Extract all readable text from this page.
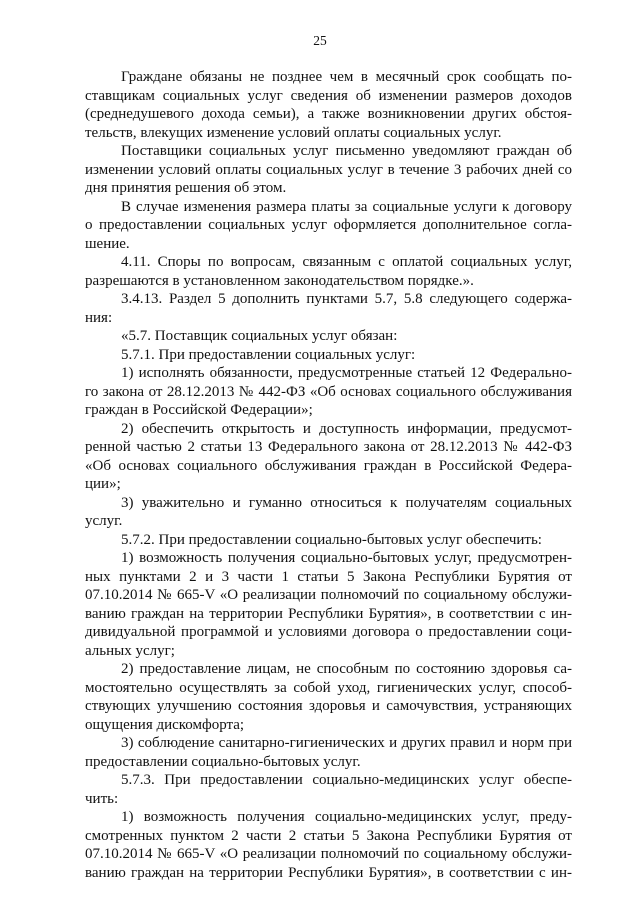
25
Граждане обязаны не позднее чем в месячный срок сообщать по-
ставщикам социальных услуг сведения об изменении размеров доходов
(среднедушевого дохода семьи), а также возникновении других обстоя-
тельств, влекущих изменение условий оплаты социальных услуг.
Поставщики социальных услуг письменно уведомляют граждан об
изменении условий оплаты социальных услуг в течение 3 рабочих дней со
дня принятия решения об этом.
В случае изменения размера платы за социальные услуги к договору
о предоставлении социальных услуг оформляется дополнительное согла-
шение.
4.11. Споры по вопросам, связанным с оплатой социальных услуг,
разрешаются в установленном законодательством порядке.».
3.4.13. Раздел 5 дополнить пунктами 5.7, 5.8 следующего содержа-
ния:
«5.7. Поставщик социальных услуг обязан:
5.7.1. При предоставлении социальных услуг:
1) исполнять обязанности, предусмотренные статьей 12 Федерально-
го закона от 28.12.2013 № 442-ФЗ «Об основах социального обслуживания
граждан в Российской Федерации»;
2) обеспечить открытость и доступность информации, предусмот-
ренной частью 2 статьи 13 Федерального закона от 28.12.2013 № 442-ФЗ
«Об основах социального обслуживания граждан в Российской Федера-
ции»;
3) уважительно и гуманно относиться к получателям социальных
услуг.
5.7.2. При предоставлении социально-бытовых услуг обеспечить:
1) возможность получения социально-бытовых услуг, предусмотрен-
ных пунктами 2 и 3 части 1 статьи 5 Закона Республики Бурятия от
07.10.2014 № 665-V «О реализации полномочий по социальному обслужи-
ванию граждан на территории Республики Бурятия», в соответствии с ин-
дивидуальной программой и условиями договора о предоставлении соци-
альных услуг;
2) предоставление лицам, не способным по состоянию здоровья са-
мостоятельно осуществлять за собой уход, гигиенических услуг, способ-
ствующих улучшению состояния здоровья и самочувствия, устраняющих
ощущения дискомфорта;
3) соблюдение санитарно-гигиенических и других правил и норм при
предоставлении социально-бытовых услуг.
5.7.3. При предоставлении социально-медицинских услуг обеспе-
чить:
1) возможность получения социально-медицинских услуг, преду-
смотренных пунктом 2 части 2 статьи 5 Закона Республики Бурятия от
07.10.2014 № 665-V «О реализации полномочий по социальному обслужи-
ванию граждан на территории Республики Бурятия», в соответствии с ин-
